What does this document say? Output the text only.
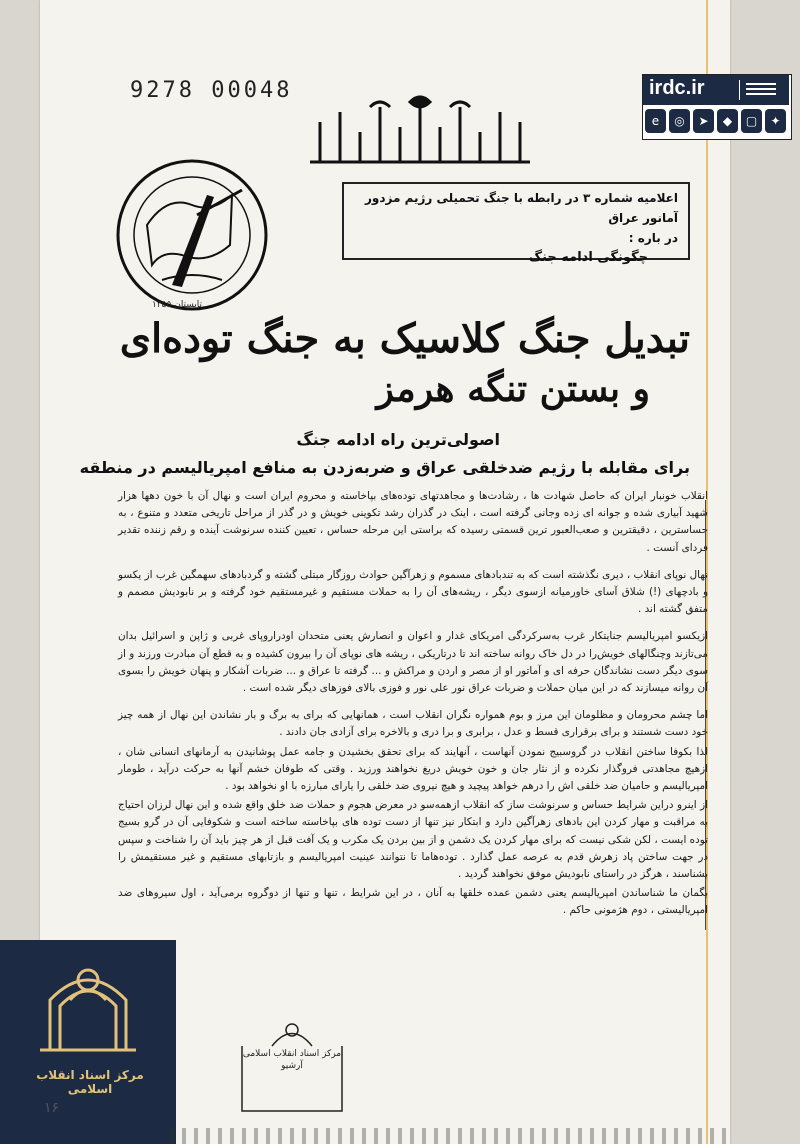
9278 00048
تابستان ۱۳۵۵
اعلامیه شماره ۳ در رابطه با جنگ تحمیلی رژیم مزدور آمانور عراق
در باره :
چگونگی ادامه جنگ
تبدیل جنگ کلاسیک به جنگ توده‌ای
و بستن تنگه هرمز
اصولی‌ترین راه ادامه جنگ
برای مقابله با رژیم ضدخلقی عراق و ضربه‌زدن به منافع امپریالیسم در منطقه

انقلاب خونبار ایران که حاصل شهادت ها ، رشادت‌ها و مجاهدتهای توده‌های بپاخاسته و محروم ایران است و نهال آن با خون دهها هزار شهید آبیاری شده و جوانه ای زده وجانی گرفته است ، اینک در گذران رشد تکوینی خویش و در گذر از مراحل تاریخی متعدد و متنوع ، به حساسترین ، دقیقترین و صعب‌العبور ترین قسمتی رسیده که براستی این مرحله حساس ، تعیین کننده سرنوشت آینده و رقم زننده تقدیر فردای آنست .

نهال نوپای انقلاب ، دیری نگذشته است که به تندبادهای مسموم و زهرآگین حوادث روزگار مبتلی گشته و گردبادهای سهمگین غرب از یکسو و بادچهای (!) شلاق آسای خاورمیانه ازسوی دیگر ، ریشه‌های آن را به حملات مستقیم و غیرمستقیم خود گرفته و بر نابودیش مصمم و متفق گشته اند .

ازیکسو امپریالیسم جنایتکار غرب به‌سرکردگی امریکای غدار و اعوان و انصارش یعنی متحدان اودراروپای غربی و ژاپن و اسرائیل بدان می‌تازند وچنگالهای خویش‌را در دل خاک روانه ساخته اند تا درتاریکی ، ریشه های نوپای آن را بیرون کشیده و به قطع آن مبادرت ورزند و از سوی دیگر دست نشاندگان حرفه ای و آماتور او از مصر و اردن و مراکش و ... گرفته تا عراق و ... ضربات آشکار و پنهان خویش را بسوی آن روانه میسازند که در این میان حملات و ضربات عراق نور علی نور و فوزی بالای فوزهای دیگر شده است .

اما چشم محرومان و مظلومان این مرز و بوم همواره نگران انقلاب است ، همانهایی که برای به برگ و بار نشاندن این نهال از همه چیز خود دست شستند و برای برقراری قسط و عدل ، برابری و برا دری و بالاخره برای آزادی جان دادند .

لذا بکوفا ساختن انقلاب در گروسبیج نمودن آنهاست ، آنهایند که برای تحقق بخشیدن و جامه عمل پوشانیدن به آرمانهای انسانی شان ، ازهیچ مجاهدتی فروگذار نکرده و از نثار جان و خون خویش دریغ نخواهند ورزید . وقتی که طوفان خشم آنها به حرکت درآید ، طومار امپریالیسم و حامیان ضد خلقی اش را درهم خواهد پیچید و هیچ نیروی ضد خلقی را یارای مبارزه با او نخواهد بود .

از اینرو دراین شرایط حساس و سرنوشت ساز که انقلاب ازهمه‌سو در معرض هجوم و حملات ضد خلق واقع شده و این نهال لرزان احتیاج به مراقبت و مهار کردن این بادهای زهرآگین دارد و ابتکار نیز تنها از دست توده های بپاخاسته ساخته است و شکوفایی آن در گرو بسیج توده ایست ، لکن شکی نیست که برای مهار کردن یک دشمن و از بین بردن یک مکرب و یک آفت قبل از هر چیز باید آن را شناخت و سپس در جهت ساختن پاد زهرش قدم به عرصه عمل گذارد . توده‌هاما تا نتوانند عینیت امپریالیسم و بازتابهای مستقیم و غیر مستقیمش را بشناسند ، هرگز در راستای نابودیش موفق نخواهند گردید .

بگمان ما شناساندن امپریالیسم یعنی دشمن عمده خلقها به آنان ، در این شرایط ، تنها و تنها از دوگروه برمی‌آید ، اول سیروهای ضد امپریالیستی ، دوم هژمونی حاکم .

irdc.ir
e	◎	➤	◆	▢	✦
مرکز اسناد انقلاب اسلامی
مرکز اسناد انقلاب اسلامی آرشیو
۱۶
